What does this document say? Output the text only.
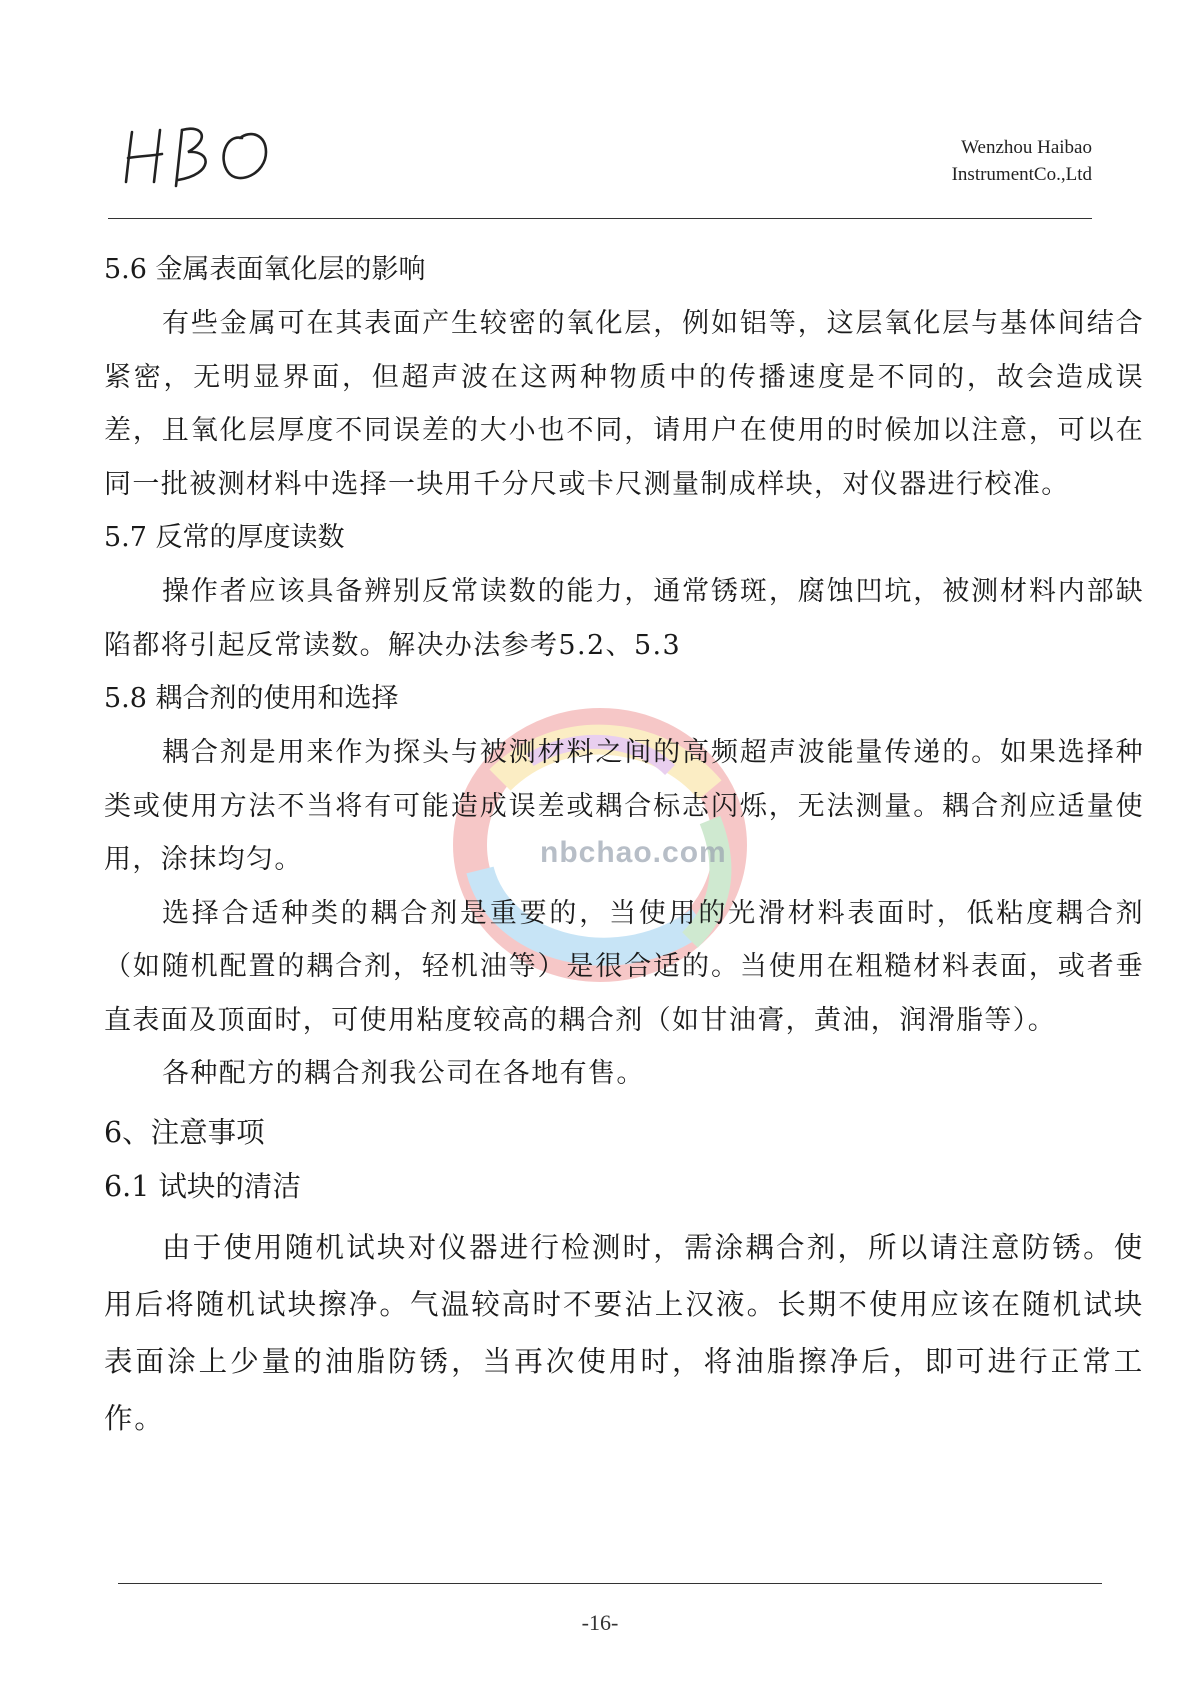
Wenzhou Haibao
InstrumentCo.,Ltd
nbchao.com
5.6 金属表面氧化层的影响

有些金属可在其表面产生较密的氧化层，例如铝等，这层氧化层与基体间结合紧密，无明显界面，但超声波在这两种物质中的传播速度是不同的，故会造成误差，且氧化层厚度不同误差的大小也不同，请用户在使用的时候加以注意，可以在同一批被测材料中选择一块用千分尺或卡尺测量制成样块，对仪器进行校准。

5.7 反常的厚度读数

操作者应该具备辨别反常读数的能力，通常锈斑，腐蚀凹坑，被测材料内部缺陷都将引起反常读数。解决办法参考5.2、5.3

5.8 耦合剂的使用和选择

耦合剂是用来作为探头与被测材料之间的高频超声波能量传递的。如果选择种类或使用方法不当将有可能造成误差或耦合标志闪烁，无法测量。耦合剂应适量使用，涂抹均匀。

选择合适种类的耦合剂是重要的，当使用的光滑材料表面时，低粘度耦合剂（如随机配置的耦合剂，轻机油等）是很合适的。当使用在粗糙材料表面，或者垂直表面及顶面时，可使用粘度较高的耦合剂（如甘油膏，黄油，润滑脂等）。

各种配方的耦合剂我公司在各地有售。

6、注意事项
6.1 试块的清洁

由于使用随机试块对仪器进行检测时，需涂耦合剂，所以请注意防锈。使用后将随机试块擦净。气温较高时不要沾上汉液。长期不使用应该在随机试块表面涂上少量的油脂防锈，当再次使用时，将油脂擦净后，即可进行正常工作。

-16-
